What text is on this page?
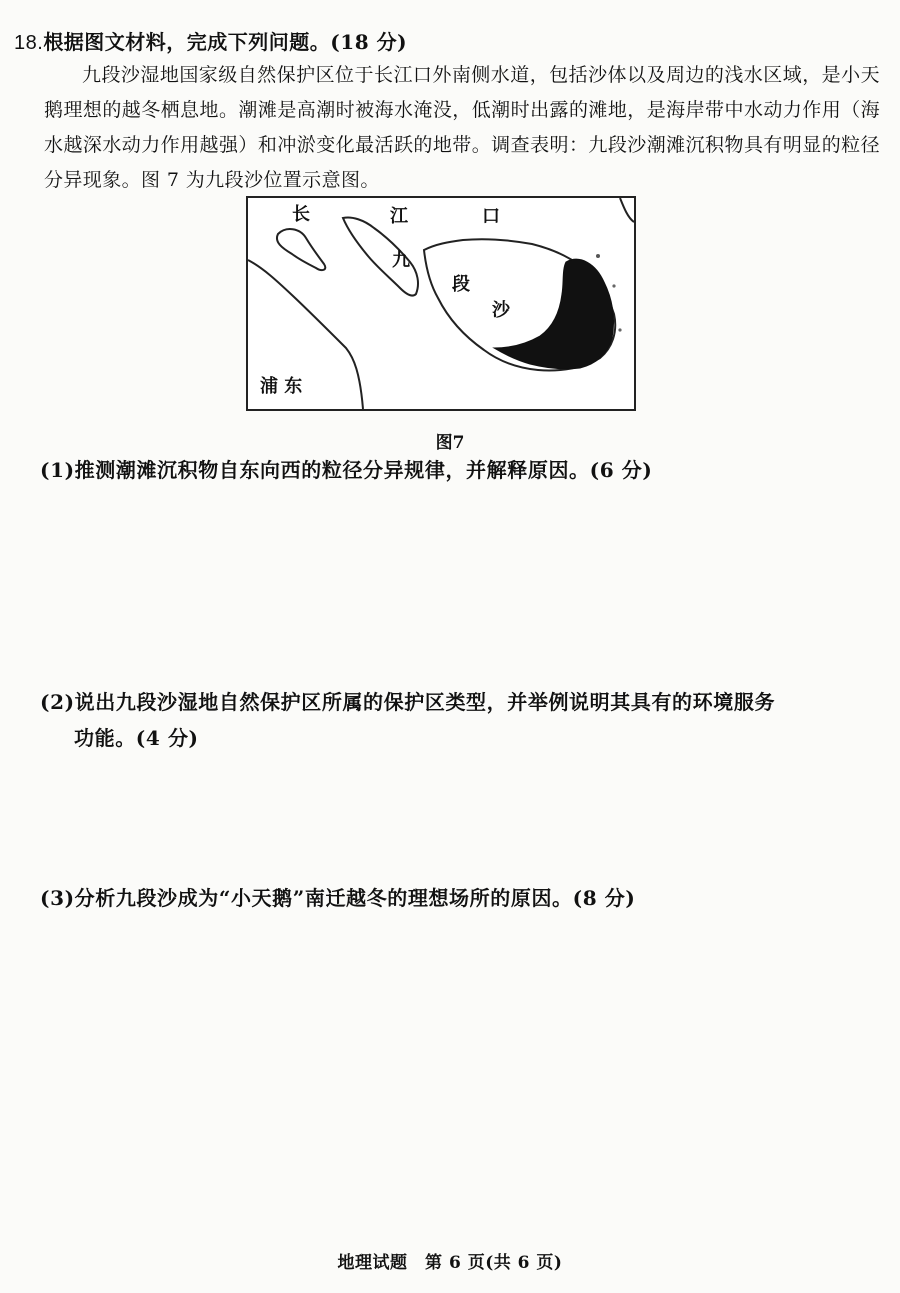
18.根据图文材料，完成下列问题。(18 分)

九段沙湿地国家级自然保护区位于长江口外南侧水道，包括沙体以及周边的浅水区域，是小天鹅理想的越冬栖息地。潮滩是高潮时被海水淹没，低潮时出露的滩地，是海岸带中水动力作用（海水越深水动力作用越强）和冲淤变化最活跃的地带。调查表明：九段沙潮滩沉积物具有明显的粒径分异现象。图 7 为九段沙位置示意图。

长	江	口
九
段
沙
浦 东
图7
(1)推测潮滩沉积物自东向西的粒径分异规律，并解释原因。(6 分)
(2)说出九段沙湿地自然保护区所属的保护区类型，并举例说明其具有的环境服务
功能。(4 分)
(3)分析九段沙成为“小天鹅”南迁越冬的理想场所的原因。(8 分)
地理试题　第 6 页(共 6 页)
